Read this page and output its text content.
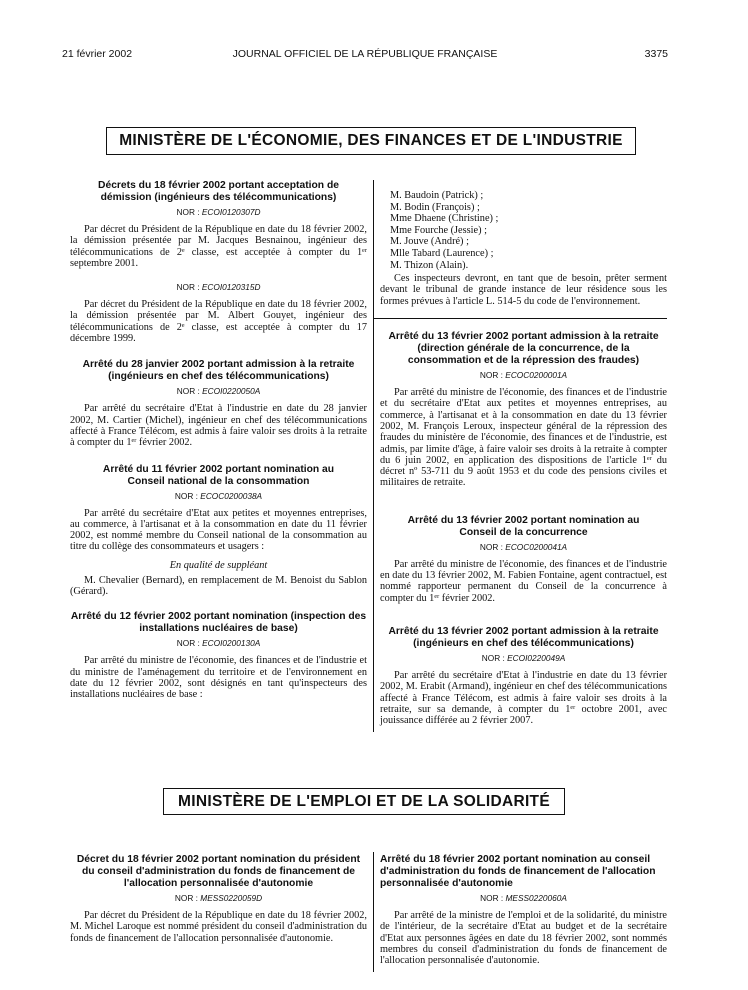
21 février 2002	JOURNAL OFFICIEL DE LA RÉPUBLIQUE FRANÇAISE	3375
MINISTÈRE DE L'ÉCONOMIE, DES FINANCES ET DE L'INDUSTRIE
Décrets du 18 février 2002 portant acceptation de démission (ingénieurs des télécommunications)
NOR : ECOI0120307D

Par décret du Président de la République en date du 18 février 2002, la démission présentée par M. Jacques Besnainou, ingénieur des télécommunications de 2ᵉ classe, est acceptée à compter du 1ᵉʳ septembre 2001.

NOR : ECOI0120315D

Par décret du Président de la République en date du 18 février 2002, la démission présentée par M. Albert Gouyet, ingénieur des télécommunications de 2ᵉ classe, est acceptée à compter du 17 décembre 1999.

Arrêté du 28 janvier 2002 portant admission à la retraite (ingénieurs en chef des télécommunications)
NOR : ECOI0220050A

Par arrêté du secrétaire d'Etat à l'industrie en date du 28 janvier 2002, M. Cartier (Michel), ingénieur en chef des télécommunications affecté à France Télécom, est admis à faire valoir ses droits à la retraite à compter du 1ᵉʳ février 2002.

Arrêté du 11 février 2002 portant nomination au Conseil national de la consommation
NOR : ECOC0200038A

Par arrêté du secrétaire d'Etat aux petites et moyennes entreprises, au commerce, à l'artisanat et à la consommation en date du 11 février 2002, est nommé membre du Conseil national de la consommation au titre du collège des consommateurs et usagers :

En qualité de suppléant

M. Chevalier (Bernard), en remplacement de M. Benoist du Sablon (Gérard).

Arrêté du 12 février 2002 portant nomination (inspection des installations nucléaires de base)
NOR : ECOI0200130A

Par arrêté du ministre de l'économie, des finances et de l'industrie et du ministre de l'aménagement du territoire et de l'environnement en date du 12 février 2002, sont désignés en tant qu'inspecteurs des installations nucléaires de base :

M. Baudoin (Patrick) ;
M. Bodin (François) ;
Mme Dhaene (Christine) ;
Mme Fourche (Jessie) ;
M. Jouve (André) ;
Mlle Tabard (Laurence) ;
M. Thizon (Alain).

Ces inspecteurs devront, en tant que de besoin, prêter serment devant le tribunal de grande instance de leur résidence sous les formes prévues à l'article L. 514-5 du code de l'environnement.

Arrêté du 13 février 2002 portant admission à la retraite (direction générale de la concurrence, de la consommation et de la répression des fraudes)
NOR : ECOC0200001A

Par arrêté du ministre de l'économie, des finances et de l'industrie et du secrétaire d'Etat aux petites et moyennes entreprises, au commerce, à l'artisanat et à la consommation en date du 13 février 2002, M. François Leroux, inspecteur général de la répression des fraudes du ministère de l'économie, des finances et de l'industrie, est admis, par limite d'âge, à faire valoir ses droits à la retraite à compter du 6 juin 2002, en application des dispositions de l'article 1ᵉʳ du décret nº 53-711 du 9 août 1953 et du code des pensions civiles et militaires de retraite.

Arrêté du 13 février 2002 portant nomination au Conseil de la concurrence
NOR : ECOC0200041A

Par arrêté du ministre de l'économie, des finances et de l'industrie en date du 13 février 2002, M. Fabien Fontaine, agent contractuel, est nommé rapporteur permanent du Conseil de la concurrence à compter du 1ᵉʳ février 2002.

Arrêté du 13 février 2002 portant admission à la retraite (ingénieurs en chef des télécommunications)
NOR : ECOI0220049A

Par arrêté du secrétaire d'Etat à l'industrie en date du 13 février 2002, M. Erabit (Armand), ingénieur en chef des télécommunications affecté à France Télécom, est admis à faire valoir ses droits à la retraite, sur sa demande, à compter du 1ᵉʳ octobre 2001, avec jouissance différée au 2 février 2007.

MINISTÈRE DE L'EMPLOI ET DE LA SOLIDARITÉ
Décret du 18 février 2002 portant nomination du président du conseil d'administration du fonds de financement de l'allocation personnalisée d'autonomie
NOR : MESS0220059D

Par décret du Président de la République en date du 18 février 2002, M. Michel Laroque est nommé président du conseil d'administration du fonds de financement de l'allocation personnalisée d'autonomie.

Arrêté du 18 février 2002 portant nomination au conseil d'administration du fonds de financement de l'allocation personnalisée d'autonomie
NOR : MESS0220060A

Par arrêté de la ministre de l'emploi et de la solidarité, du ministre de l'intérieur, de la secrétaire d'Etat au budget et de la secrétaire d'Etat aux personnes âgées en date du 18 février 2002, sont nommés membres du conseil d'administration du fonds de financement de l'allocation personnalisée d'autonomie.
